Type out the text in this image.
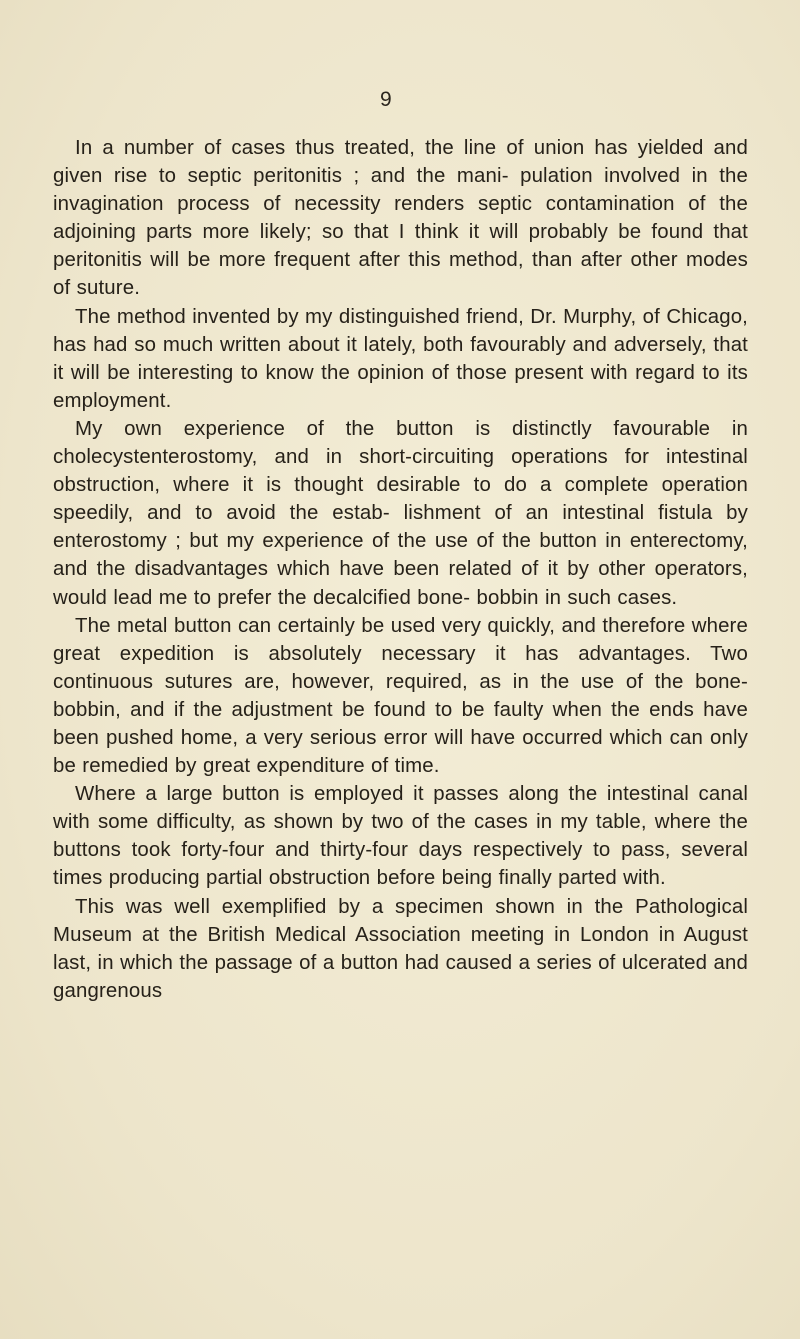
9

In a number of cases thus treated, the line of union has yielded and given rise to septic peritonitis ; and the mani- pulation involved in the invagination process of necessity renders septic contamination of the adjoining parts more likely; so that I think it will probably be found that peritonitis will be more frequent after this method, than after other modes of suture.

The method invented by my distinguished friend, Dr. Murphy, of Chicago, has had so much written about it lately, both favourably and adversely, that it will be interesting to know the opinion of those present with regard to its employment.

My own experience of the button is distinctly favourable in cholecystenterostomy, and in short-circuiting operations for intestinal obstruction, where it is thought desirable to do a complete operation speedily, and to avoid the estab- lishment of an intestinal fistula by enterostomy ; but my experience of the use of the button in enterectomy, and the disadvantages which have been related of it by other operators, would lead me to prefer the decalcified bone- bobbin in such cases.

The metal button can certainly be used very quickly, and therefore where great expedition is absolutely necessary it has advantages. Two continuous sutures are, however, required, as in the use of the bone-bobbin, and if the adjustment be found to be faulty when the ends have been pushed home, a very serious error will have occurred which can only be remedied by great expenditure of time.

Where a large button is employed it passes along the intestinal canal with some difficulty, as shown by two of the cases in my table, where the buttons took forty-four and thirty-four days respectively to pass, several times producing partial obstruction before being finally parted with.

This was well exemplified by a specimen shown in the Pathological Museum at the British Medical Association meeting in London in August last, in which the passage of a button had caused a series of ulcerated and gangrenous
